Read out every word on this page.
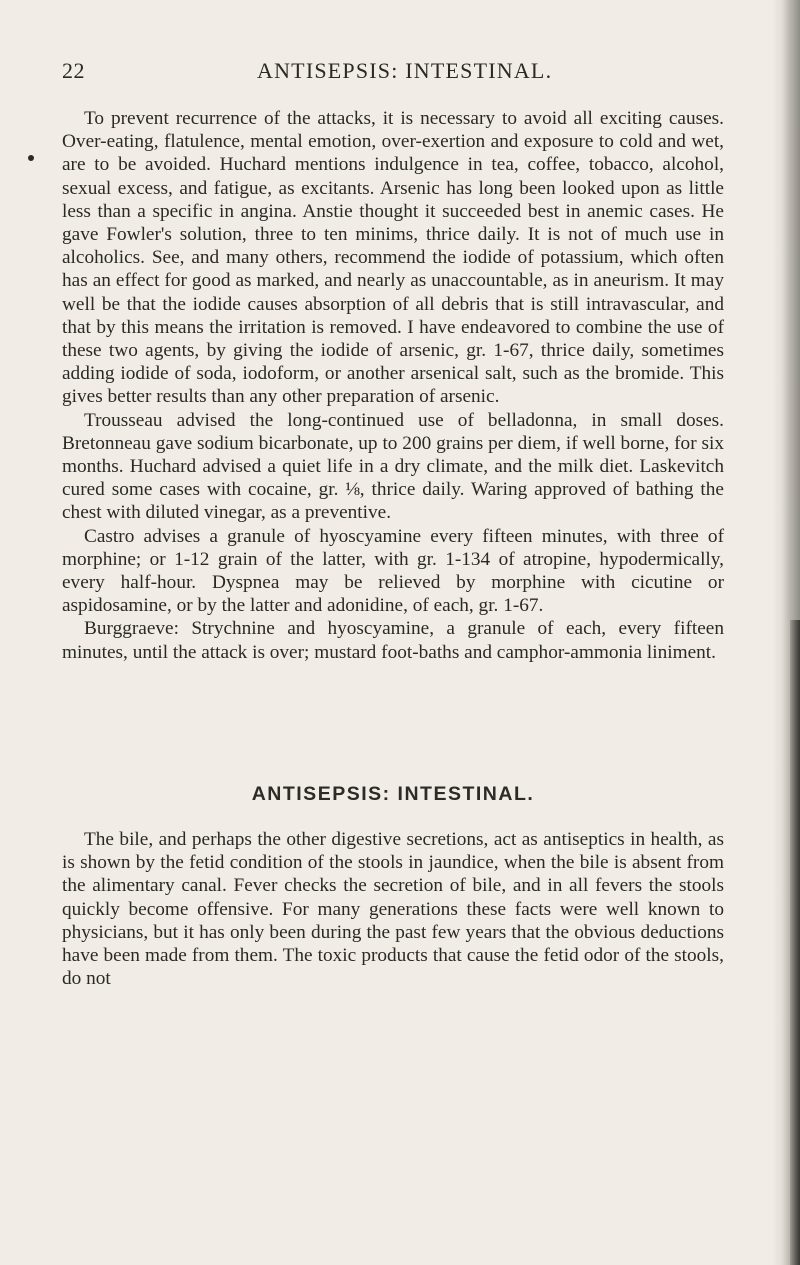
22	ANTISEPSIS: INTESTINAL.

To prevent recurrence of the attacks, it is necessary to avoid all exciting causes. Over-eating, flatulence, mental emotion, over-exertion and exposure to cold and wet, are to be avoided. Huchard mentions indulgence in tea, coffee, tobacco, alcohol, sexual excess, and fatigue, as excitants. Arsenic has long been looked upon as little less than a specific in angina. Anstie thought it succeeded best in anemic cases. He gave Fowler's solution, three to ten minims, thrice daily. It is not of much use in alcoholics. See, and many others, recommend the iodide of potassium, which often has an effect for good as marked, and nearly as unaccountable, as in aneurism. It may well be that the iodide causes absorption of all debris that is still intravascular, and that by this means the irritation is removed. I have endeavored to combine the use of these two agents, by giving the iodide of arsenic, gr. 1-67, thrice daily, sometimes adding iodide of soda, iodoform, or another arsenical salt, such as the bromide. This gives better results than any other preparation of arsenic.

Trousseau advised the long-continued use of belladonna, in small doses. Bretonneau gave sodium bicarbonate, up to 200 grains per diem, if well borne, for six months. Huchard advised a quiet life in a dry climate, and the milk diet. Laskevitch cured some cases with cocaine, gr. ⅛, thrice daily. Waring approved of bathing the chest with diluted vinegar, as a preventive.

Castro advises a granule of hyoscyamine every fifteen minutes, with three of morphine; or 1-12 grain of the latter, with gr. 1-134 of atropine, hypodermically, every half-hour. Dyspnea may be relieved by morphine with cicutine or aspidosamine, or by the latter and adonidine, of each, gr. 1-67.

Burggraeve: Strychnine and hyoscyamine, a granule of each, every fifteen minutes, until the attack is over; mustard foot-baths and camphor-ammonia liniment.

ANTISEPSIS: INTESTINAL.

The bile, and perhaps the other digestive secretions, act as antiseptics in health, as is shown by the fetid condition of the stools in jaundice, when the bile is absent from the alimentary canal. Fever checks the secretion of bile, and in all fevers the stools quickly become offensive. For many generations these facts were well known to physicians, but it has only been during the past few years that the obvious deductions have been made from them. The toxic products that cause the fetid odor of the stools, do not
